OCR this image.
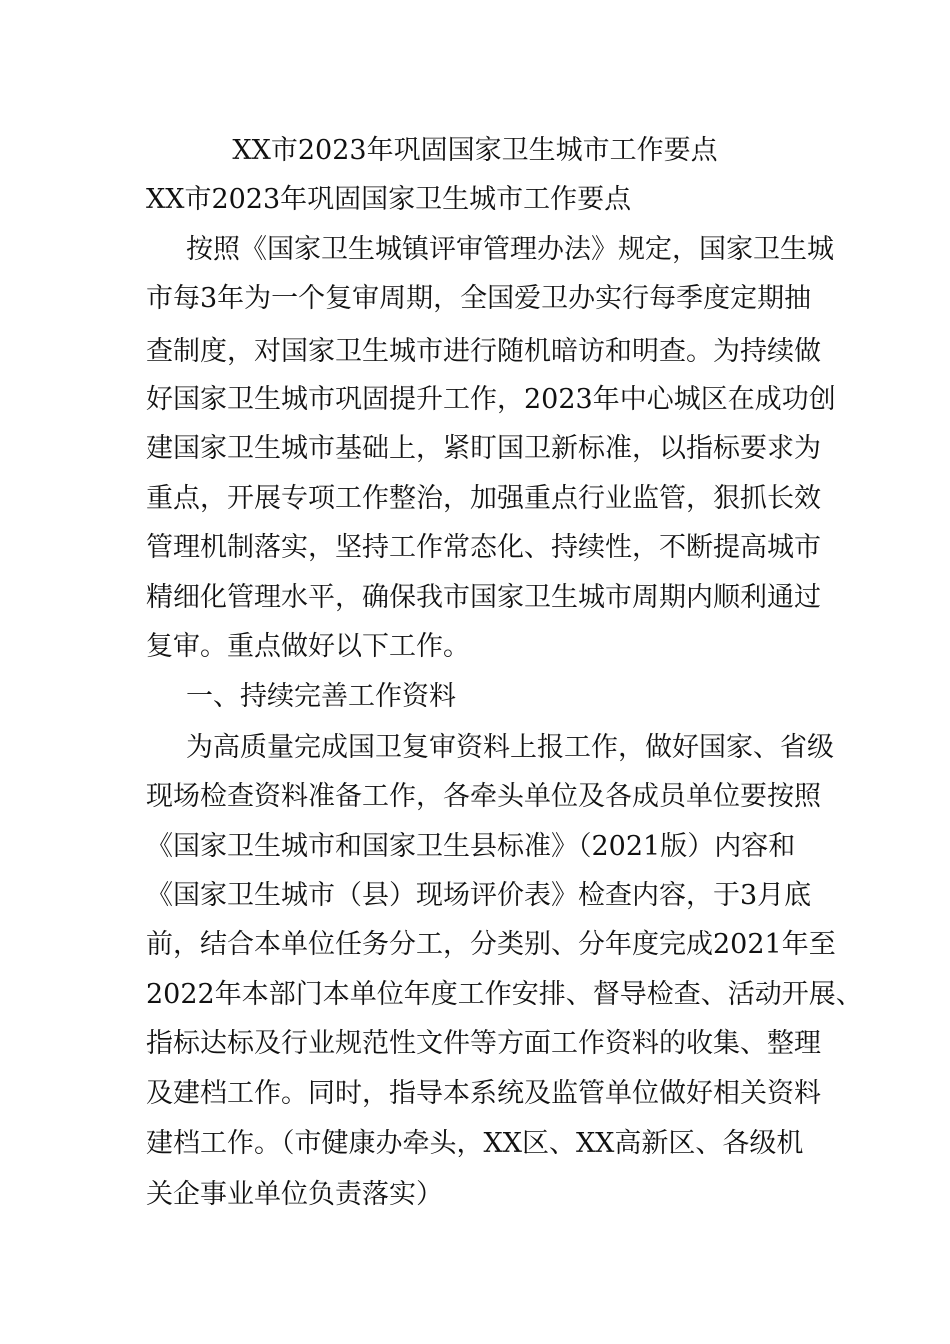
XX市2023年巩固国家卫生城市工作要点

XX市2023年巩固国家卫生城市工作要点

按照《国家卫生城镇评审管理办法》规定，国家卫生城

市每3年为一个复审周期，全国爱卫办实行每季度定期抽

查制度，对国家卫生城市进行随机暗访和明查。为持续做

好国家卫生城市巩固提升工作，2023年中心城区在成功创

建国家卫生城市基础上，紧盯国卫新标准，以指标要求为

重点，开展专项工作整治，加强重点行业监管，狠抓长效

管理机制落实，坚持工作常态化、持续性，不断提高城市

精细化管理水平，确保我市国家卫生城市周期内顺利通过

复审。重点做好以下工作。

一、持续完善工作资料

为高质量完成国卫复审资料上报工作，做好国家、省级

现场检查资料准备工作，各牵头单位及各成员单位要按照

《国家卫生城市和国家卫生县标准》（2021版）内容和

《国家卫生城市（县）现场评价表》检查内容，于3月底

前，结合本单位任务分工，分类别、分年度完成2021年至

2022年本部门本单位年度工作安排、督导检查、活动开展、

指标达标及行业规范性文件等方面工作资料的收集、整理

及建档工作。同时，指导本系统及监管单位做好相关资料

建档工作。（市健康办牵头，XX区、XX高新区、各级机

关企事业单位负责落实）
